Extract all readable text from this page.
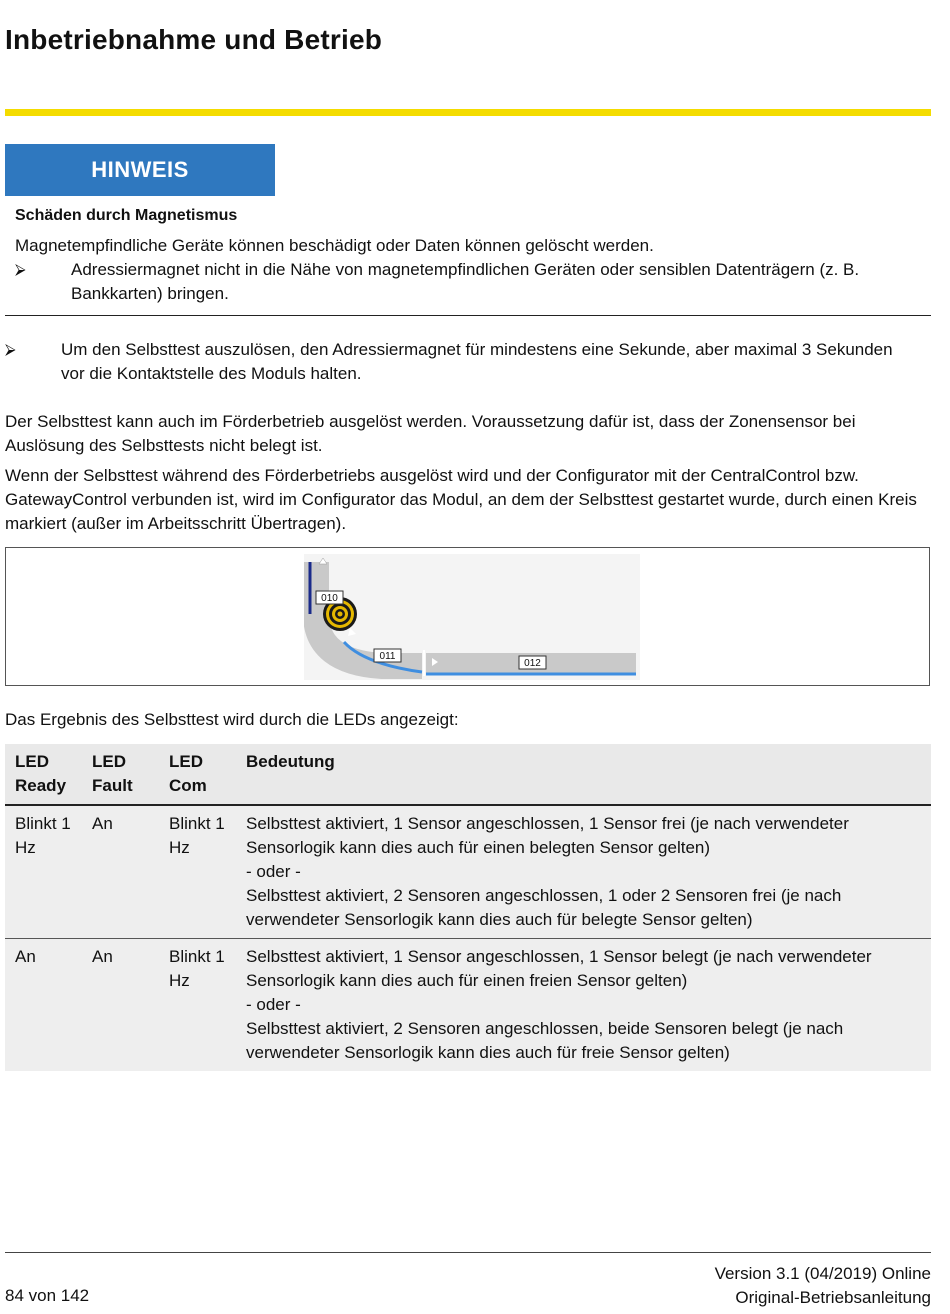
Inbetriebnahme und Betrieb
HINWEIS
Schäden durch Magnetismus
Magnetempfindliche Geräte können beschädigt oder Daten können gelöscht werden.
⮚	Adressiermagnet nicht in die Nähe von magnetempfindlichen Geräten oder sensiblen Datenträgern (z. B. Bankkarten) bringen.
⮚	Um den Selbsttest auszulösen, den Adressiermagnet für mindestens eine Sekunde, aber maximal 3 Sekunden vor die Kontaktstelle des Moduls halten.
Der Selbsttest kann auch im Förderbetrieb ausgelöst werden. Voraussetzung dafür ist, dass der Zonensensor bei Auslösung des Selbsttests nicht belegt ist.
Wenn der Selbsttest während des Förderbetriebs ausgelöst wird und der Configurator mit der CentralControl bzw. GatewayControl verbunden ist, wird im Configurator das Modul, an dem der Selbsttest gestartet wurde, durch einen Kreis markiert (außer im Arbeitsschritt Übertragen).
010
011
012
Das Ergebnis des Selbsttest wird durch die LEDs angezeigt:
LED Ready	LED Fault	LED Com	Bedeutung
Blinkt 1 Hz	An	Blinkt 1 Hz	Selbsttest aktiviert, 1 Sensor angeschlossen, 1 Sensor frei (je nach verwendeter Sensorlogik kann dies auch für einen belegten Sensor gelten)
- oder -
Selbsttest aktiviert, 2 Sensoren angeschlossen, 1 oder 2 Sensoren frei (je nach verwendeter Sensorlogik kann dies auch für belegte Sensor gelten)

An	An	Blinkt 1 Hz	Selbsttest aktiviert, 1 Sensor angeschlossen, 1 Sensor belegt (je nach verwendeter Sensorlogik kann dies auch für einen freien Sensor gelten)
- oder -
Selbsttest aktiviert, 2 Sensoren angeschlossen, beide Sensoren belegt (je nach verwendeter Sensorlogik kann dies auch für freie Sensor gelten)
84 von 142
Version 3.1 (04/2019) Online
Original-Betriebsanleitung
